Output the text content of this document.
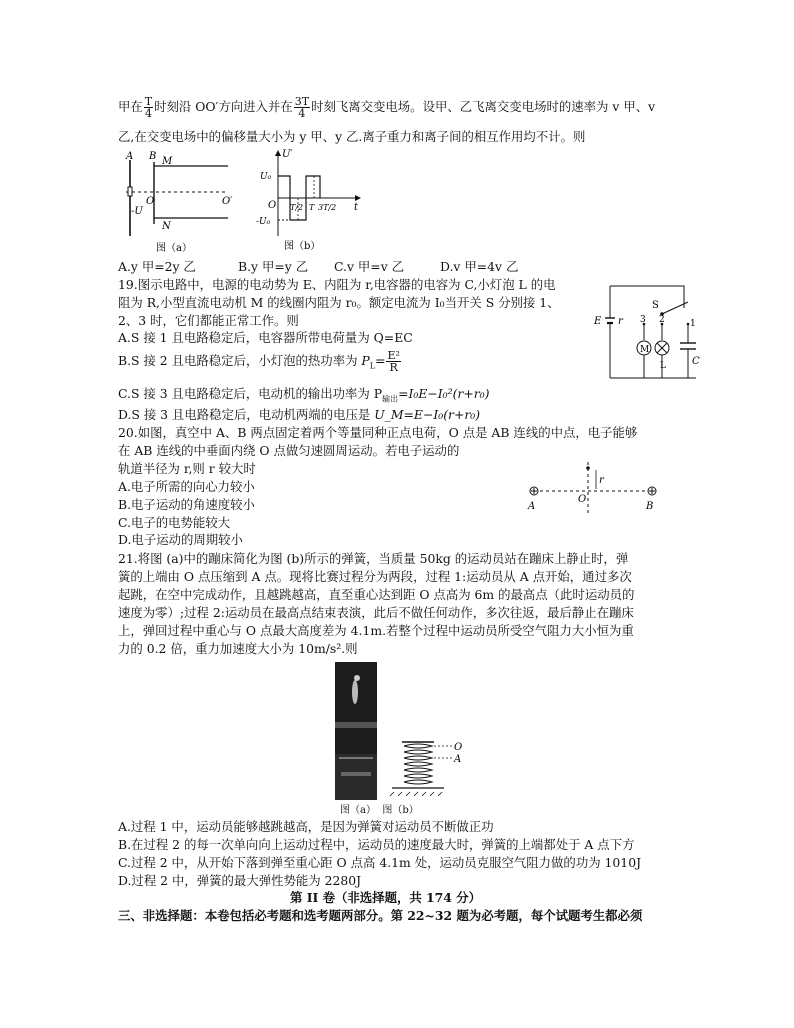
甲在 $\frac{T}{4}$ 时刻沿 OO′方向进入并在 $\frac{3T}{4}$ 时刻飞离交变电场。设甲、乙飞离交变电场时的速率为 v 甲、v
乙,在交变电场中的偏移量大小为 y 甲、y 乙.离子重力和离子间的相互作用均不计。则
A B M
N
O	O′
-U
图（a）
U′
U₀
-U₀
O T/2 T 3T/2 t
图（b）
A.y 甲=2y 乙	B.y 甲=y 乙 C.v 甲=v 乙	D.v 甲=4v 乙
19.图示电路中，电源的电动势为 E、内阻为 r,电容器的电容为 C,小灯泡 L 的电
阻为 R,小型直流电动机 M 的线圈内阻为 r₀。额定电流为 I₀当开关 S 分别接 1、
2、3 时，它们都能正常工作。则
A.S 接 1 且电路稳定后，电容器所带电荷量为 Q=EC
B.S 接 2 且电路稳定后，小灯泡的热功率为 $P_L= \frac{\text{E²}}{R}$
C.S 接 3 且电路稳定后，电动机的输出功率为 $P_{输出}=I_0E-I_0^2(r+r_0)$
D.S 接 3 且电路稳定后，电动机两端的电压是 U_M=E−I₀(r+r₀)
E r
S
1
2
3
M
L	C
20.如图，真空中 A、B 两点固定着两个等量同种正点电荷，O 点是 AB 连线的中点，电子能够
在 AB 连线的中垂面内绕 O 点做匀速圆周运动。若电子运动的
轨道半径为 r,则 r 较大时
A.电子所需的向心力较小
B.电子运动的角速度较小
C.电子的电势能较大
D.电子运动的周期较小
r
A	B
O
21.将图 (a)中的蹦床简化为图 (b)所示的弹簧，当质量 50kg 的运动员站在蹦床上静止时，弹
簧的上端由 O 点压缩到 A 点。现将比赛过程分为两段，过程 1:运动员从 A 点开始，通过多次
起跳，在空中完成动作，且越跳越高，直至重心达到距 O 点高为 6m 的最高点（此时运动员的
速度为零）;过程 2:运动员在最高点结束表演，此后不做任何动作，多次往返，最后静止在蹦床
上，弹回过程中重心与 O 点最大高度差为 4.1m.若整个过程中运动员所受空气阻力大小恒为重
力的 0.2 倍，重力加速度大小为 10m/s².则
O
A
图（a） 图（b）
A.过程 1 中，运动员能够越跳越高，是因为弹簧对运动员不断做正功
B.在过程 2 的每一次单向向上运动过程中，运动员的速度最大时，弹簧的上端都处于 A 点下方
C.过程 2 中，从开始下落到弹至重心距 O 点高 4.1m 处，运动员克服空气阻力做的功为 1010J
D.过程 2 中，弹簧的最大弹性势能为 2280J
第 II 卷（非选择题，共 174 分）
三、非选择题：本卷包括必考题和选考题两部分。第 22~32 题为必考题，每个试题考生都必须
